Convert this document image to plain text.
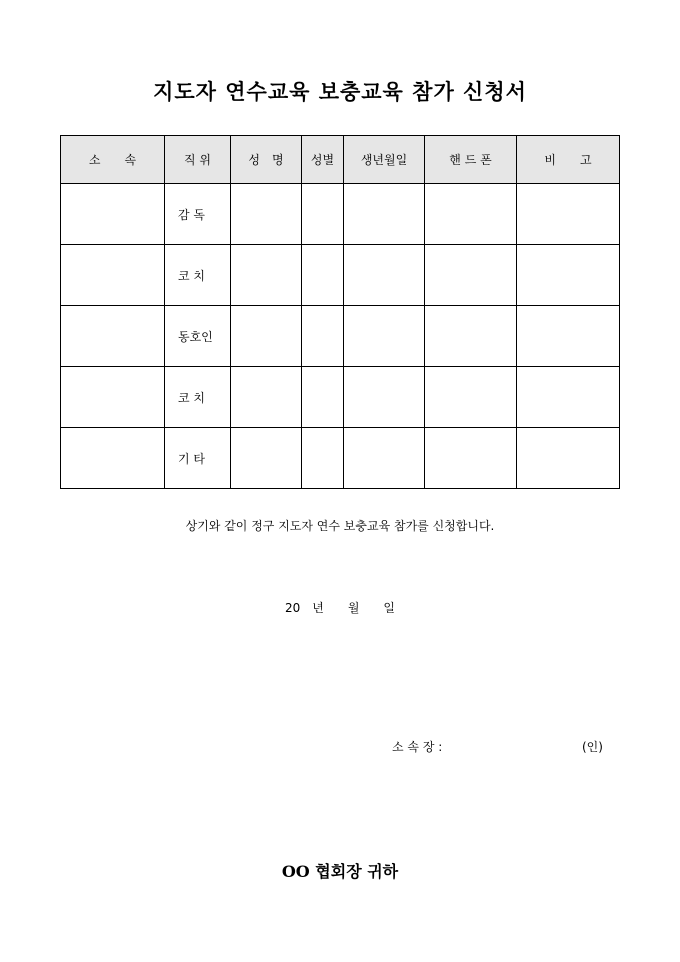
지도자 연수교육 보충교육 참가 신청서
소　　속	직 위	성　명	성별	생년월일	핸 드 폰	비　　고
	감 독					
	코 치					
	동호인					
	코 치					
	기 타					
상기와 같이 정구 지도자 연수 보충교육 참가를 신청합니다.
20　년　　월　　일
소 속 장 :	(인)
OO 협회장 귀하
